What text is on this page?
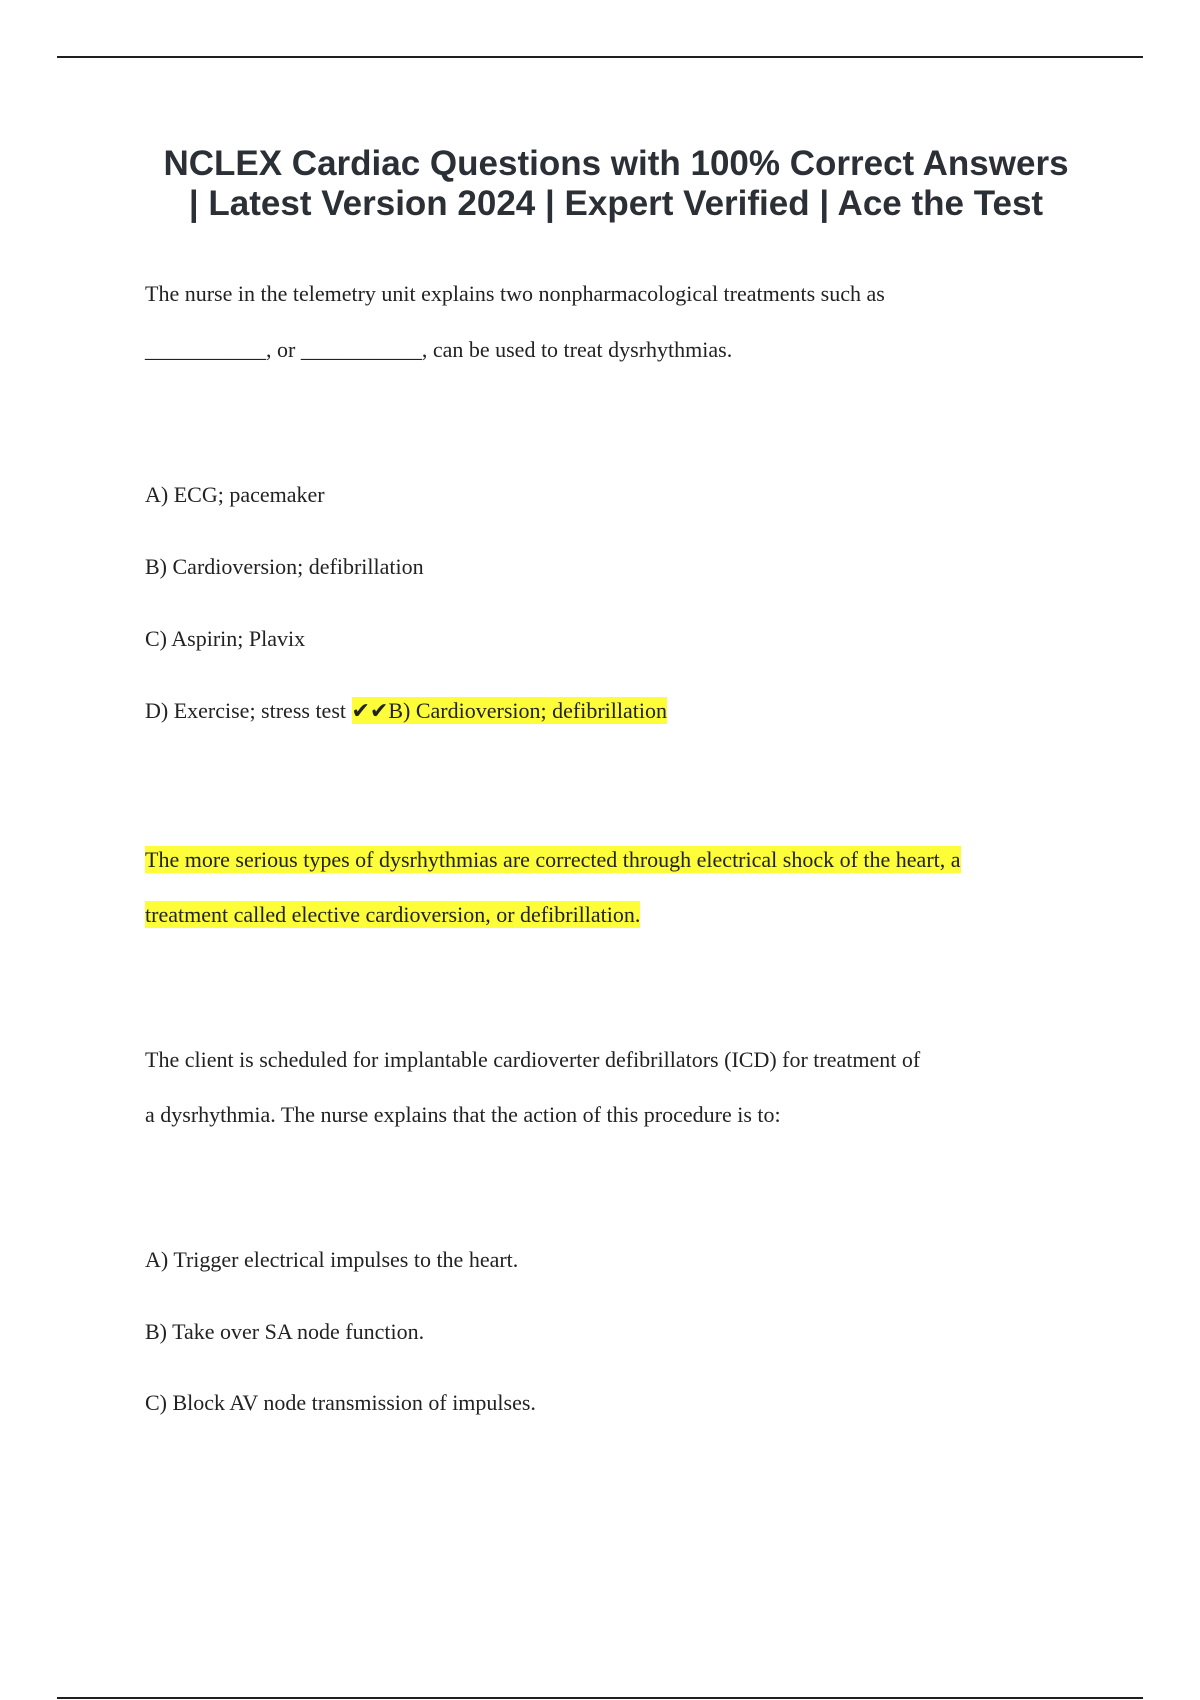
NCLEX Cardiac Questions with 100% Correct Answers
| Latest Version 2024 | Expert Verified | Ace the Test

The nurse in the telemetry unit explains two nonpharmacological treatments such as

___________, or ___________, can be used to treat dysrhythmias.

A) ECG; pacemaker

B) Cardioversion; defibrillation

C) Aspirin; Plavix

D) Exercise; stress test ✔✔B) Cardioversion; defibrillation

The more serious types of dysrhythmias are corrected through electrical shock of the heart, a

treatment called elective cardioversion, or defibrillation.

The client is scheduled for implantable cardioverter defibrillators (ICD) for treatment of

a dysrhythmia. The nurse explains that the action of this procedure is to:

A) Trigger electrical impulses to the heart.

B) Take over SA node function.

C) Block AV node transmission of impulses.
